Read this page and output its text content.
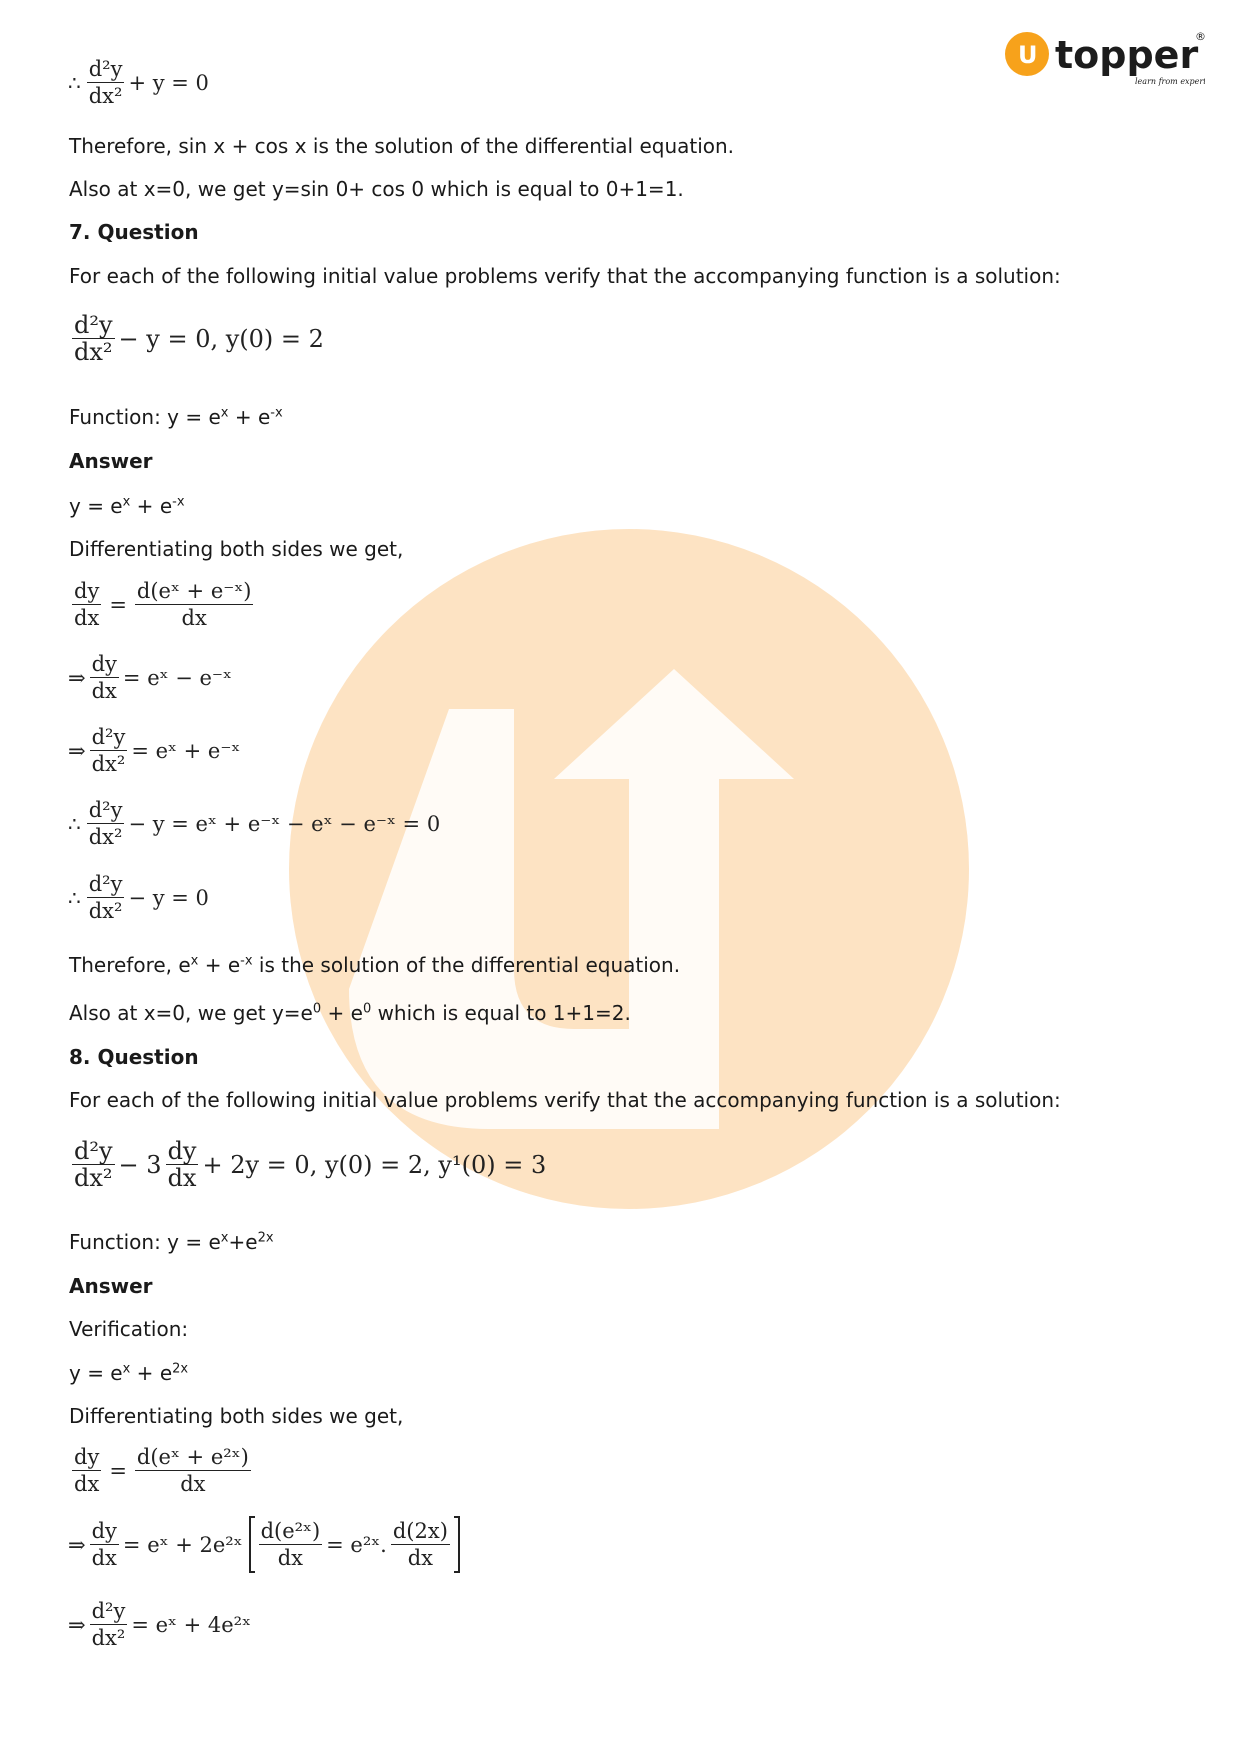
U topper
®
learn from experts
∴ $\frac{\text{d²y}}{\text{dx²}} + y = 0$
Therefore, sin x + cos x is the solution of the differential equation.
Also at x=0, we get y=sin 0+ cos 0 which is equal to 0+1=1.
7. Question
For each of the following initial value problems verify that the accompanying function is a solution:
$\frac{\text{d²y}}{\text{dx²}} - y = 0$, y(0) = 2
Function: $y = e^x + e^{-x}$
Answer
$y = e^x + e^{-x}$
Differentiating both sides we get,
$\frac{dy}{dx} = \frac{\text{d(eˣ + e⁻ˣ)}}{dx}$
⇒ $\frac{dy}{dx}$ = eˣ − e⁻ˣ
⇒ $\frac{\text{d²y}}{\text{dx²}}$ = eˣ + e⁻ˣ
∴ $\frac{\text{d²y}}{\text{dx²}} - y$ = eˣ + e⁻ˣ − eˣ − e⁻ˣ = 0
∴ $\frac{\text{d²y}}{\text{dx²}} - y = 0$
Therefore, $e^x + e^{-x}$ is the solution of the differential equation.
Also at x=0, we get $y=e^0 + e^0$ which is equal to 1+1=2.
8. Question
For each of the following initial value problems verify that the accompanying function is a solution:
$\frac{\text{d²y}}{\text{dx²}} - 3 \frac{dy}{dx} + 2y = 0$, y(0) = 2, y¹(0) = 3
Function: $y = e^x+e^{2x}$
Answer
Verification:
$y = e^x + e^{2x}$
Differentiating both sides we get,
$\frac{dy}{dx} = \frac{\text{d(eˣ + e²ˣ)}}{dx}$
⇒ $\frac{dy}{dx}$ = eˣ + 2e²ˣ $\frac{\text{d(e²ˣ)}}{dx}$ = e²ˣ. $\frac{d(2x)}{dx}$
⇒ $\frac{\text{d²y}}{\text{dx²}}$ = eˣ + 4e²ˣ
